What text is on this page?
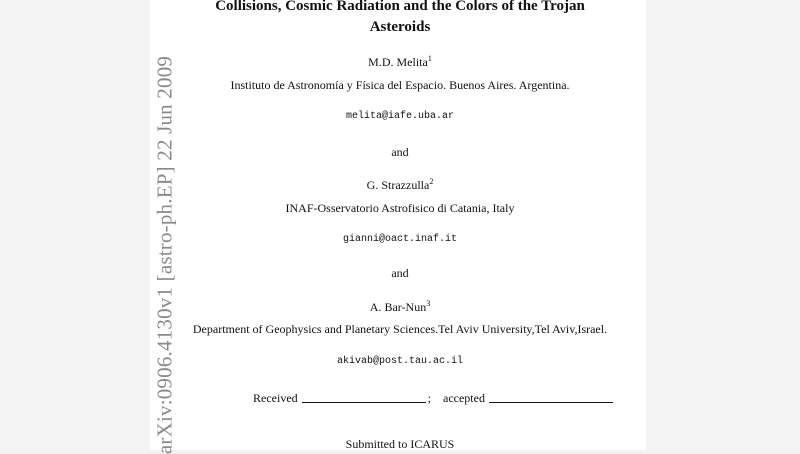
arXiv:0906.4130v1 [astro-ph.EP] 22 Jun 2009
Collisions, Cosmic Radiation and the Colors of the Trojan
Asteroids
M.D. Melita$^1$
Instituto de Astronomía y Física del Espacio. Buenos Aires. Argentina.
melita@iafe.uba.ar
and
G. Strazzulla$^2$
INAF-Osservatorio Astrofisico di Catania, Italy
gianni@oact.inaf.it
and
A. Bar-Nun$^3$
Department of Geophysics and Planetary Sciences.Tel Aviv University,Tel Aviv,Israel.
akivab@post.tau.ac.il
Received	; accepted
Submitted to ICARUS
